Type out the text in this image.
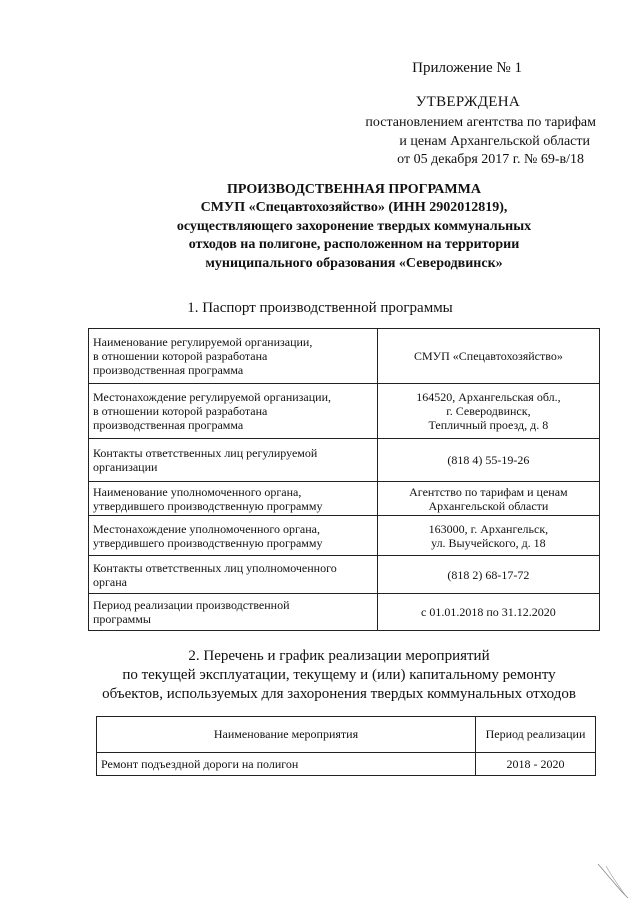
Приложение № 1
УТВЕРЖДЕНА
постановлением агентства по тарифам
и ценам Архангельской области
от 05 декабря 2017 г. № 69-в/18
ПРОИЗВОДСТВЕННАЯ ПРОГРАММА
СМУП «Спецавтохозяйство» (ИНН 2902012819),
осуществляющего захоронение твердых коммунальных
отходов на полигоне, расположенном на территории
муниципального образования «Северодвинск»
1. Паспорт производственной программы
Наименование регулируемой организации,
в отношении которой разработана
производственная программа	СМУП «Спецавтохозяйство»
Местонахождение регулируемой организации,
в отношении которой разработана
производственная программа	164520, Архангельская обл.,
г. Северодвинск,
Тепличный проезд, д. 8
Контакты ответственных лиц регулируемой
организации	(818 4) 55-19-26
Наименование уполномоченного органа,
утвердившего производственную программу	Агентство по тарифам и ценам
Архангельской области
Местонахождение уполномоченного органа,
утвердившего производственную программу	163000, г. Архангельск,
ул. Выучейского, д. 18
Контакты ответственных лиц уполномоченного
органа	(818 2) 68-17-72
Период реализации производственной
программы	с 01.01.2018 по 31.12.2020
2. Перечень и график реализации мероприятий
по текущей эксплуатации, текущему и (или) капитальному ремонту
объектов, используемых для захоронения твердых коммунальных отходов
Наименование мероприятия	Период реализации
Ремонт подъездной дороги на полигон	2018 - 2020
